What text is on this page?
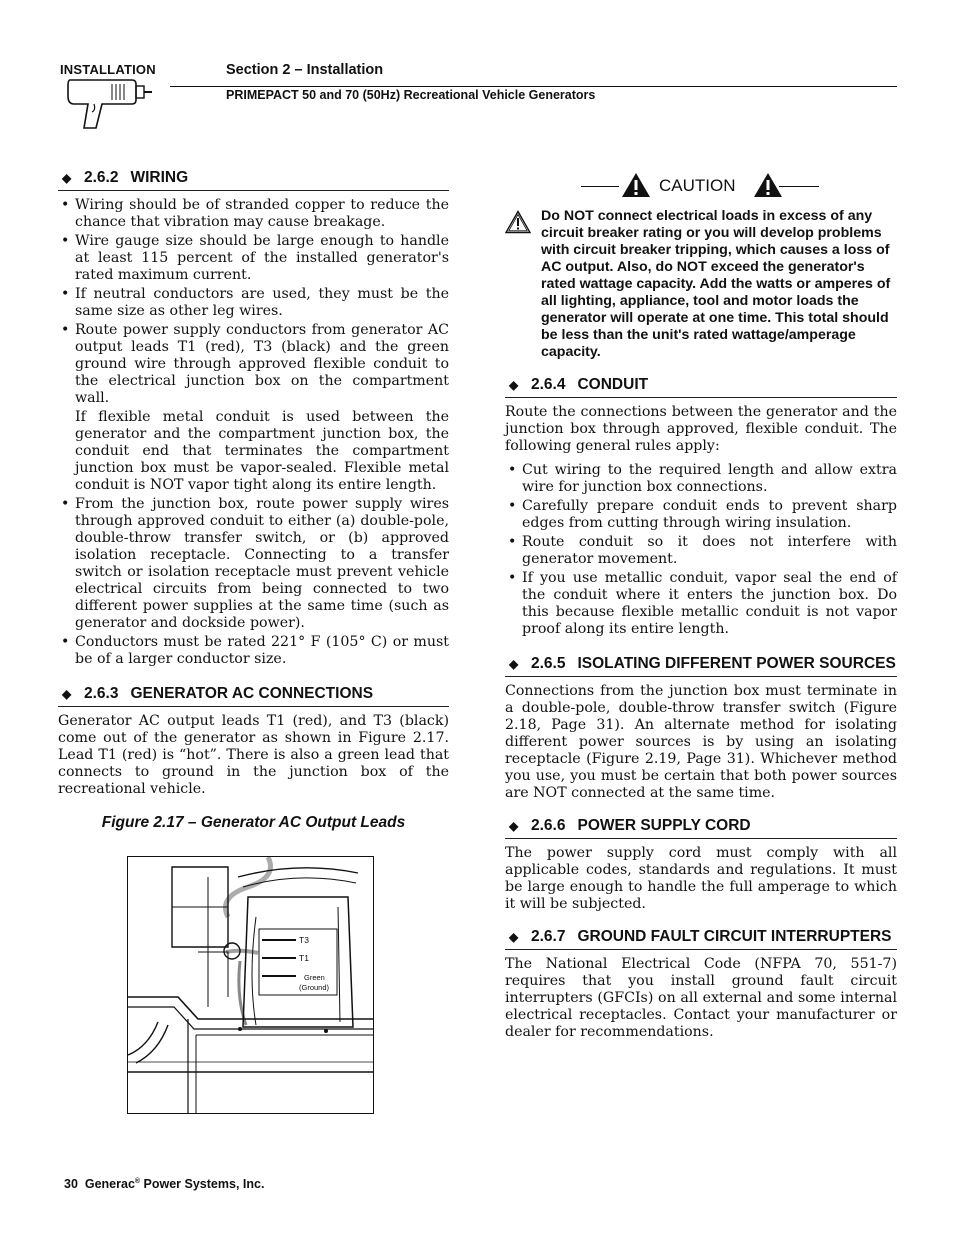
INSTALLATION	Section 2 – Installation
PRIMEPACT 50 and 70 (50Hz) Recreational Vehicle Generators
◆ 2.6.2 WIRING
• Wiring should be of stranded copper to reduce the chance that vibration may cause breakage.
• Wire gauge size should be large enough to handle at least 115 percent of the installed generator's rated maximum current.
• If neutral conductors are used, they must be the same size as other leg wires.
• Route power supply conductors from generator AC output leads T1 (red), T3 (black) and the green ground wire through approved flexible conduit to the electrical junction box on the compartment wall.

If flexible metal conduit is used between the generator and the compartment junction box, the conduit end that terminates the compartment junction box must be vapor-sealed. Flexible metal conduit is NOT vapor tight along its entire length.

• From the junction box, route power supply wires through approved conduit to either (a) double-pole, double-throw transfer switch, or (b) approved isolation receptacle. Connecting to a transfer switch or isolation receptacle must prevent vehicle electrical circuits from being connected to two different power supplies at the same time (such as generator and dockside power).
• Conductors must be rated 221° F (105° C) or must be of a larger conductor size.
◆ 2.6.3 GENERATOR AC CONNECTIONS

Generator AC output leads T1 (red), and T3 (black) come out of the generator as shown in Figure 2.17. Lead T1 (red) is “hot”. There is also a green lead that connects to ground in the junction box of the recreational vehicle.

Figure 2.17 – Generator AC Output Leads

T3
T1
Green
(Ground)
CAUTION
Do NOT connect electrical loads in excess of any circuit breaker rating or you will develop problems with circuit breaker tripping, which causes a loss of AC output. Also, do NOT exceed the generator's rated wattage capacity. Add the watts or amperes of all lighting, appliance, tool and motor loads the generator will operate at one time. This total should be less than the unit's rated wattage/amperage capacity.
◆ 2.6.4 CONDUIT

Route the connections between the generator and the junction box through approved, flexible conduit. The following general rules apply:

• Cut wiring to the required length and allow extra wire for junction box connections.
• Carefully prepare conduit ends to prevent sharp edges from cutting through wiring insulation.
• Route conduit so it does not interfere with generator movement.
• If you use metallic conduit, vapor seal the end of the conduit where it enters the junction box. Do this because flexible metallic conduit is not vapor proof along its entire length.
◆ 2.6.5 ISOLATING DIFFERENT POWER SOURCES

Connections from the junction box must terminate in a double-pole, double-throw transfer switch (Figure 2.18, Page 31). An alternate method for isolating different power sources is by using an isolating receptacle (Figure 2.19, Page 31). Whichever method you use, you must be certain that both power sources are NOT connected at the same time.

◆ 2.6.6 POWER SUPPLY CORD

The power supply cord must comply with all applicable codes, standards and regulations. It must be large enough to handle the full amperage to which it will be subjected.

◆ 2.6.7 GROUND FAULT CIRCUIT INTERRUPTERS

The National Electrical Code (NFPA 70, 551-7) requires that you install ground fault circuit interrupters (GFCIs) on all external and some internal electrical receptacles. Contact your manufacturer or dealer for recommendations.

30 Generac® Power Systems, Inc.
